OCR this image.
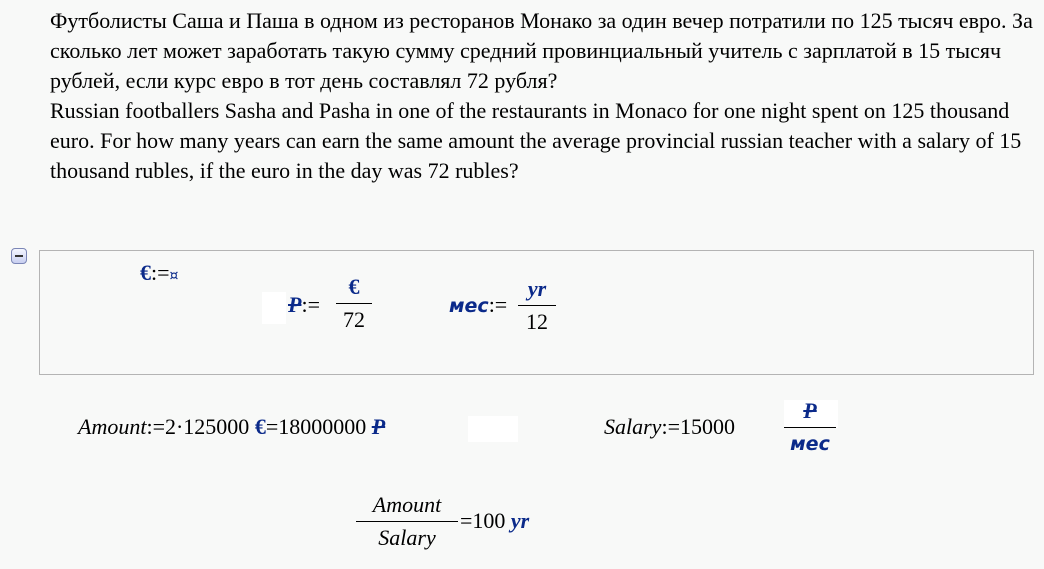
Футболисты Саша и Паша в одном из ресторанов Монако за один вечер потратили по 125 тысяч евро. За сколько лет может заработать такую сумму средний провинциальный учитель с зарплатой в 15 тысяч рублей, если курс евро в тот день составлял 72 рубля?

Russian footballers Sasha and Pasha in one of the restaurants in Monaco for one night spent on 125 thousand euro. For how many years can earn the same amount the average provincial russian teacher with a salary of 15 thousand rubles, if the euro in the day was 72 rubles?

€:=¤
Р:=
€
72
мес:=
yr
12
Amount:=2·125000 €=18000000 Р	Salary:=15000
Р
мес
Amount
Salary
=100 yr
